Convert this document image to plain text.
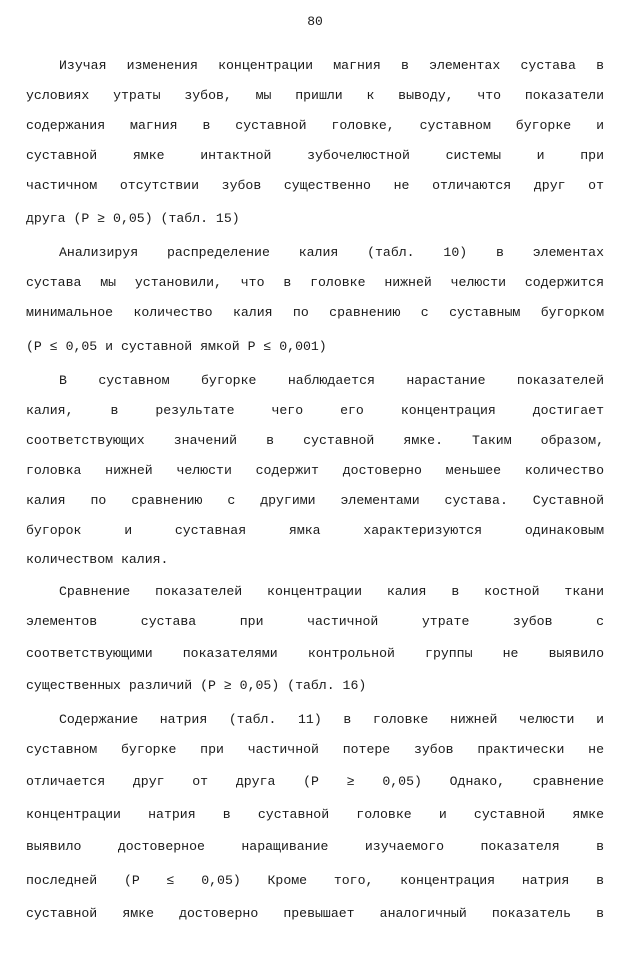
80
Изучая изменения концентрации магния в элементах сустава в
условиях утраты зубов, мы пришли к выводу, что показатели
содержания магния в суставной головке, суставном бугорке и
суставной ямке интактной зубочелюстной системы и при
частичном отсутствии зубов существенно не отличаются друг от
друга (Р ≥ 0,05) (табл. 15)
Анализируя распределение калия (табл. 10) в элементах
сустава мы установили, что в головке нижней челюсти содержится
минимальное количество калия по сравнению с суставным бугорком
(Р ≤ 0,05 и суставной ямкой Р ≤ 0,001)
В суставном бугорке наблюдается нарастание показателей
калия, в результате чего его концентрация достигает
соответствующих значений в суставной ямке. Таким образом,
головка нижней челюсти содержит достоверно меньшее количество
калия по сравнению с другими элементами сустава. Суставной
бугорок и суставная ямка характеризуются одинаковым
количеством калия.
Сравнение показателей концентрации калия в костной ткани
элементов сустава при частичной утрате зубов с
соответствующими показателями контрольной группы не выявило
существенных различий (Р ≥ 0,05) (табл. 16)
Содержание натрия (табл. 11) в головке нижней челюсти и
суставном бугорке при частичной потере зубов практически не
отличается друг от друга (Р ≥ 0,05) Однако, сравнение
концентрации натрия в суставной головке и суставной ямке
выявило достоверное наращивание изучаемого показателя в
последней (Р ≤ 0,05) Кроме того, концентрация натрия в
суставной ямке достоверно превышает аналогичный показатель в
